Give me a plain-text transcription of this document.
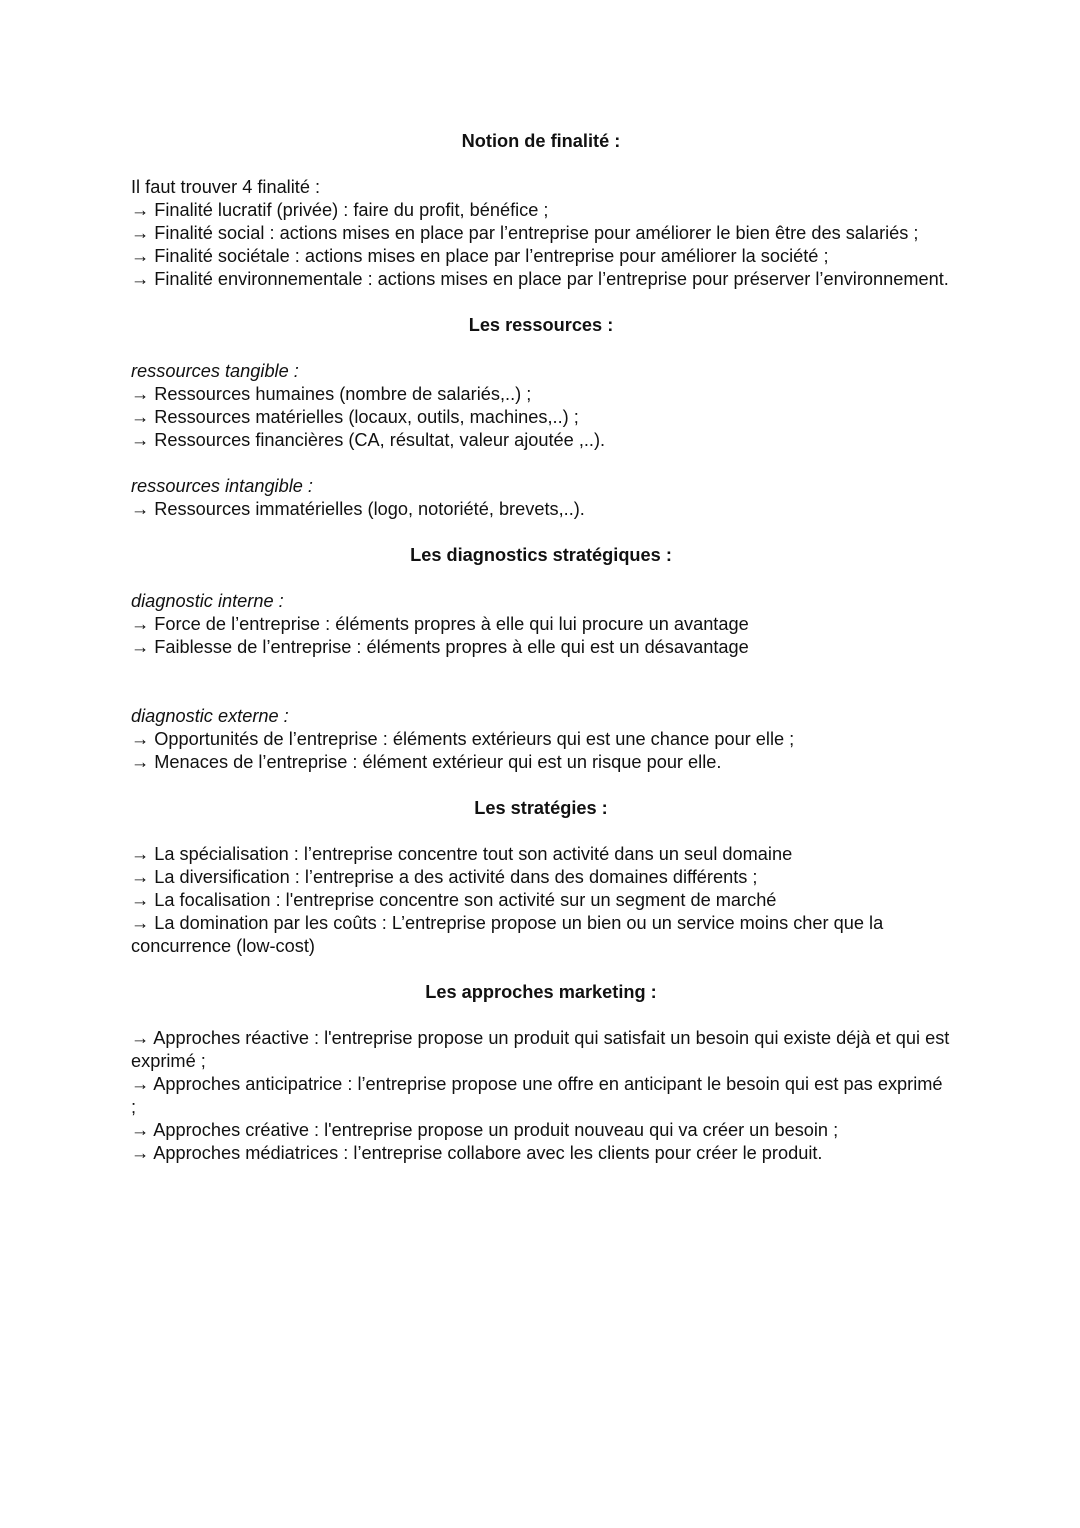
Notion de finalité :

Il faut trouver 4 finalité :

→ Finalité lucratif (privée) : faire du profit, bénéfice ;

→ Finalité social : actions mises en place par l’entreprise pour améliorer le bien être des salariés ;

→ Finalité sociétale : actions mises en place par l’entreprise pour améliorer la société ;

→ Finalité environnementale : actions mises en place par l’entreprise pour préserver l’environnement.

Les ressources :

ressources tangible :

→ Ressources humaines (nombre de salariés,..) ;

→ Ressources matérielles (locaux, outils, machines,..) ;

→ Ressources financières (CA, résultat, valeur ajoutée ,..).

ressources intangible :

→ Ressources immatérielles (logo, notoriété, brevets,..).

Les diagnostics stratégiques :

diagnostic interne :

→ Force de l’entreprise : éléments propres à elle qui lui procure un avantage

→ Faiblesse de l’entreprise : éléments propres à elle qui est un désavantage

diagnostic externe :

→ Opportunités de l’entreprise : éléments extérieurs qui est une chance pour elle ;

→ Menaces de l’entreprise : élément extérieur qui est un risque pour elle.

Les stratégies :

→ La spécialisation : l’entreprise concentre tout son activité dans un seul domaine

→ La diversification : l’entreprise a des activité dans des domaines différents ;

→ La focalisation : l'entreprise concentre son activité sur un segment de marché

→ La domination par les coûts : L’entreprise propose un bien ou un service moins cher que la concurrence (low-cost)

Les approches marketing :

→ Approches réactive : l'entreprise propose un produit qui satisfait un besoin qui existe déjà et qui est exprimé ;

→ Approches anticipatrice : l’entreprise propose une offre en anticipant le besoin qui est pas exprimé ;

→ Approches créative : l'entreprise propose un produit nouveau qui va créer un besoin ;

→ Approches médiatrices : l’entreprise collabore avec les clients pour créer le produit.
